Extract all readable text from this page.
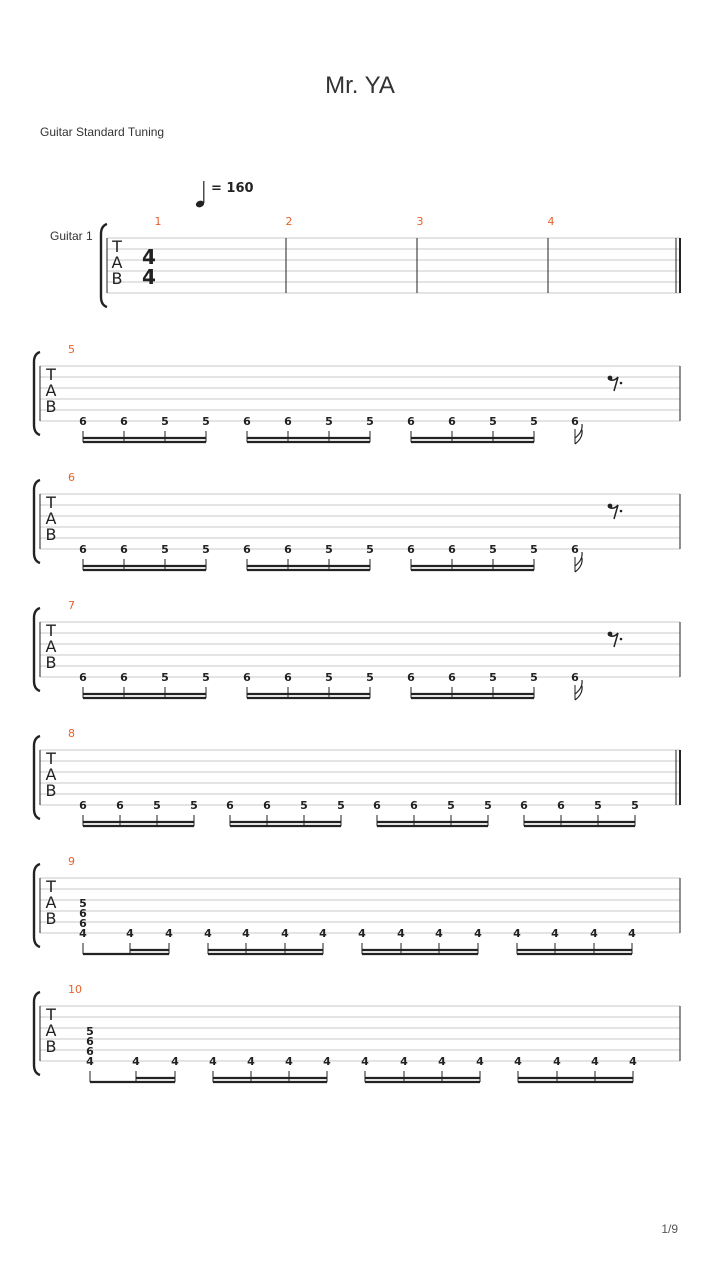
Mr. YA
Guitar Standard Tuning
= 160
Guitar 1
T
A
B
4
4
1	2	3	4
T
A
B
5
6	6	5	5	6	6	5	5	6	6	5	5	6
T
A
B
6
6	6	5	5	6	6	5	5	6	6	5	5	6
T
A
B
7
6	6	5	5	6	6	5	5	6	6	5	5	6
T
A
B
8
6	6	5	5	6	6	5	5	6	6	5	5	6	6	5	5
T
A
B
9
5
6
6
4	4	4	4	4	4	4	4	4	4	4	4	4	4	4
T
A
B
10
5
6
6
4	4	4	4	4	4	4	4	4	4	4	4	4	4	4
1/9
